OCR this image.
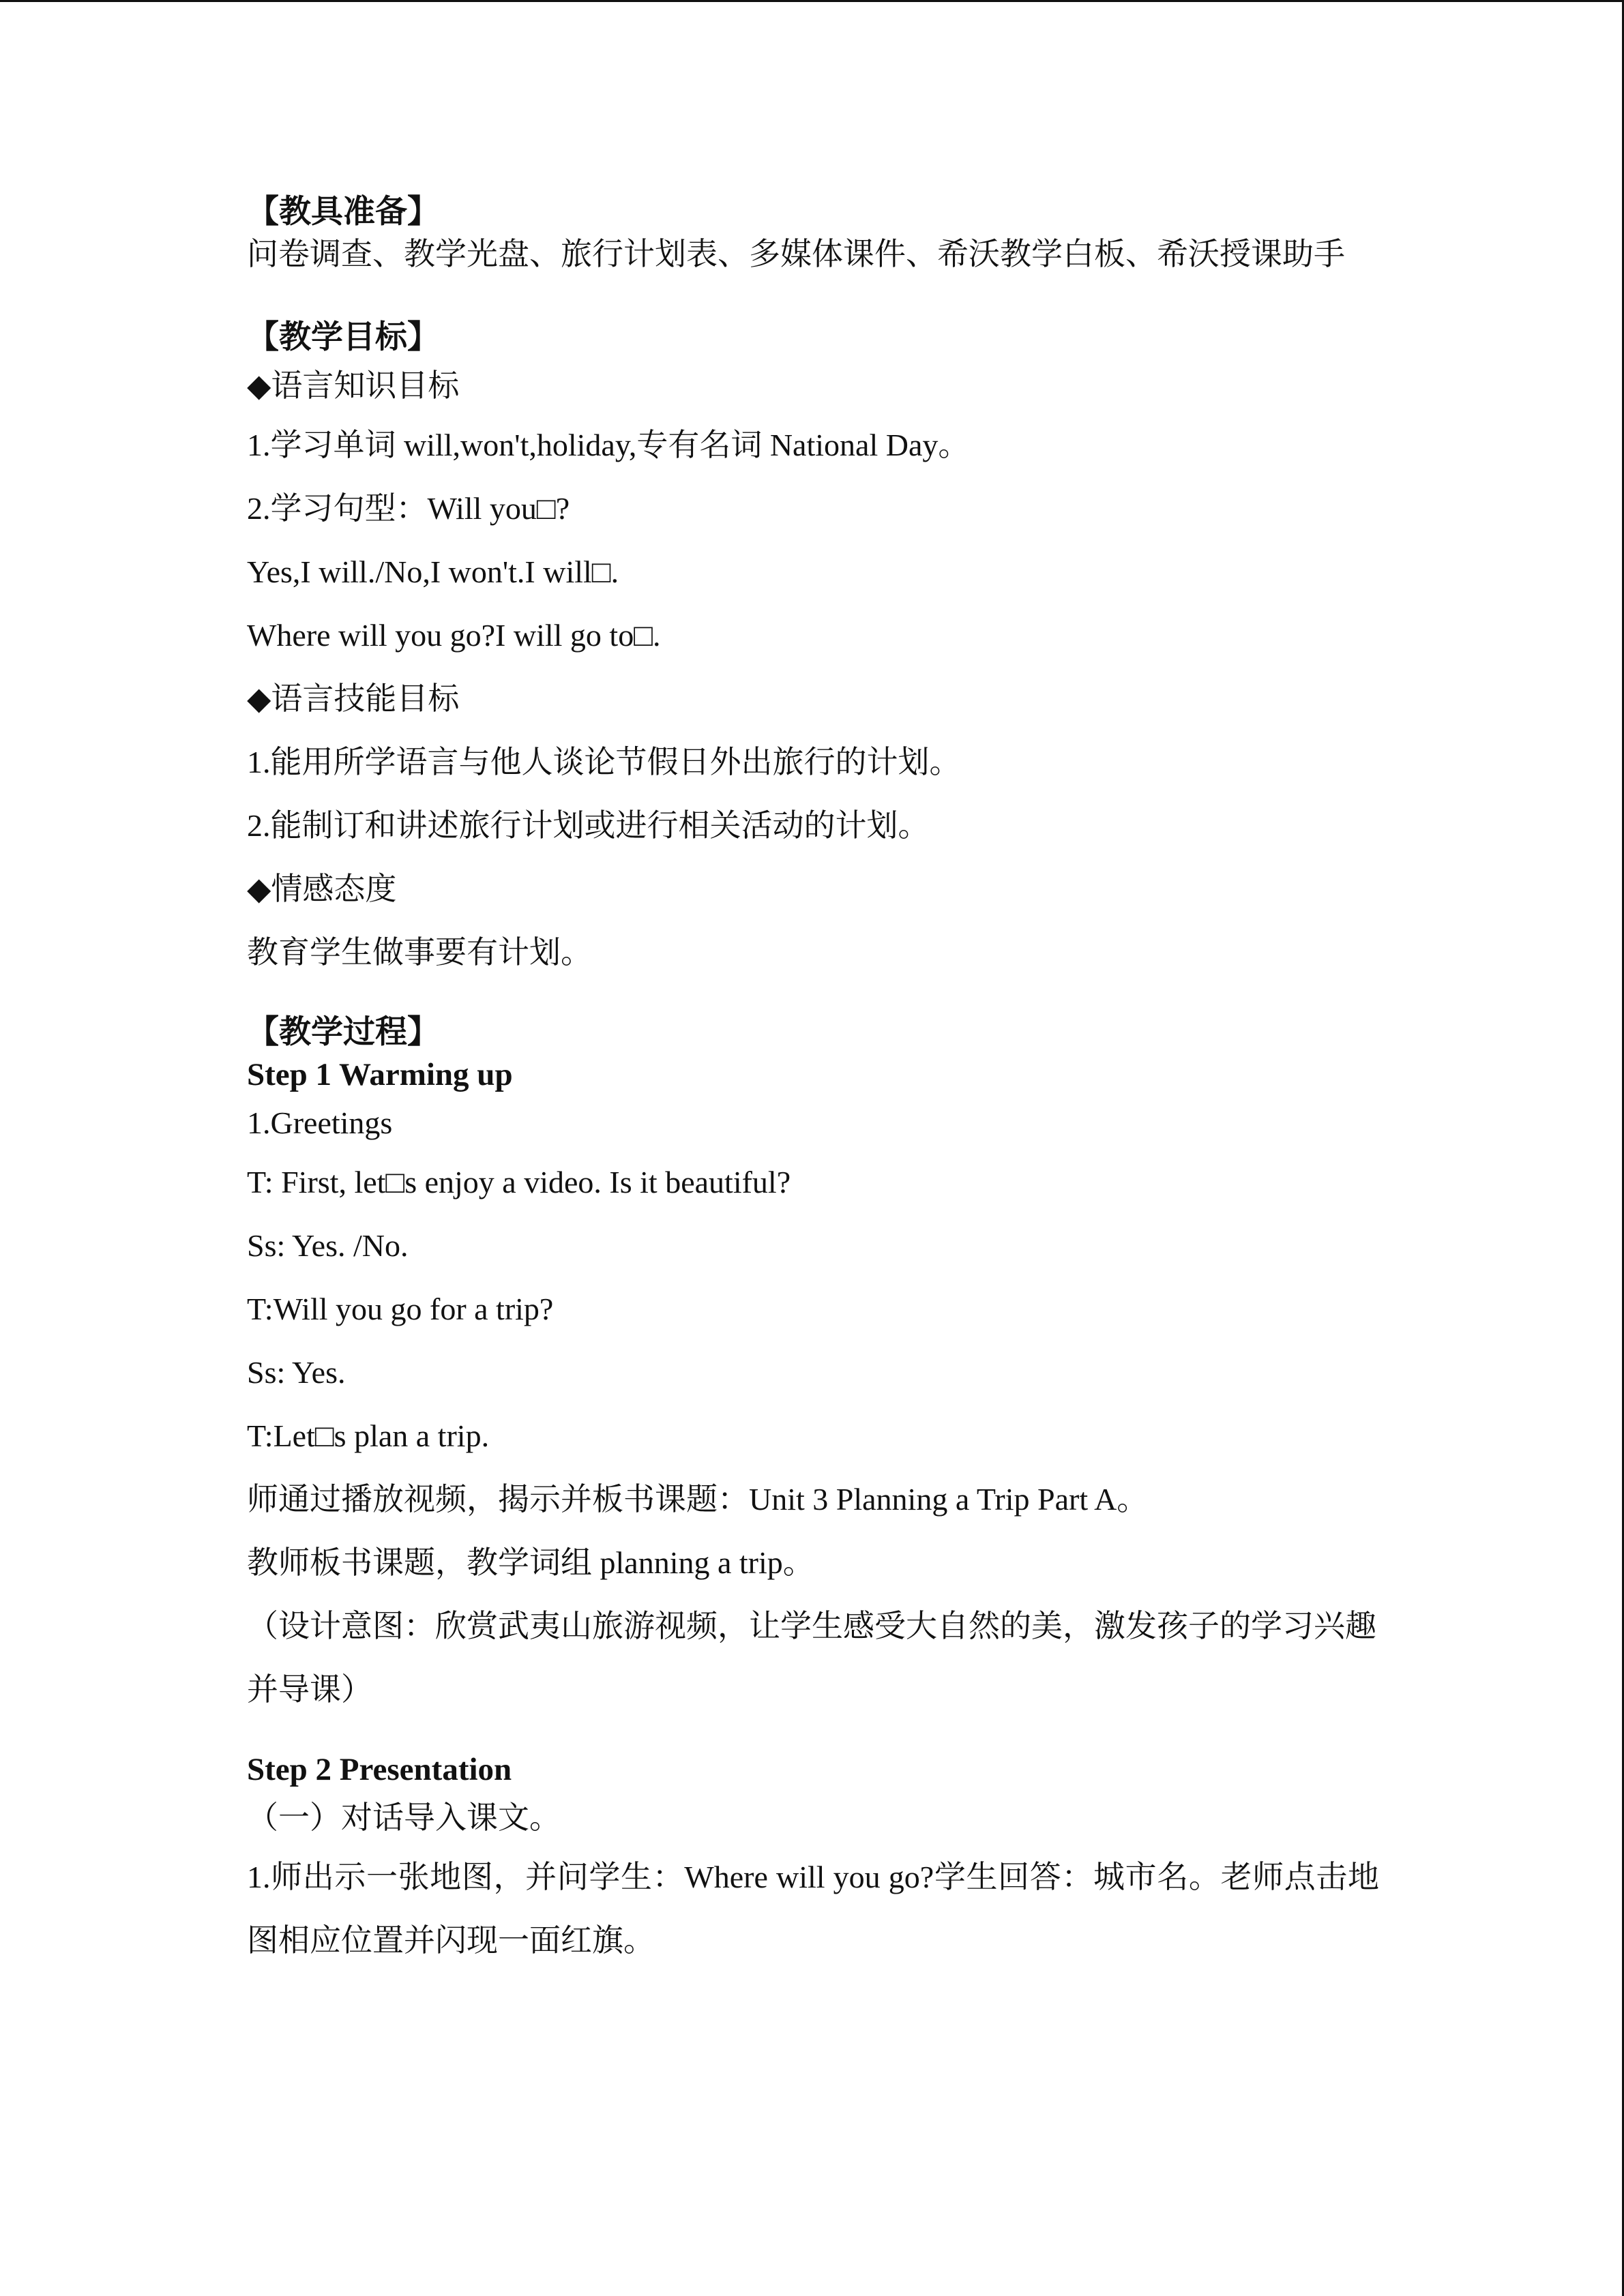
【教具准备】
问卷调查、教学光盘、旅行计划表、多媒体课件、希沃教学白板、希沃授课助手
【教学目标】
◆语言知识目标
1.学习单词 will,won't,holiday,专有名词 National Day。
2.学习句型：Will you□?
Yes,I will./No,I won't.I will□.
Where will you go?I will go to□.
◆语言技能目标
1.能用所学语言与他人谈论节假日外出旅行的计划。
2.能制订和讲述旅行计划或进行相关活动的计划。
◆情感态度
教育学生做事要有计划。
【教学过程】
Step 1 Warming up
1.Greetings
T: First, let□s enjoy a video. Is it beautiful?
Ss: Yes. /No.
T:Will you go for a trip?
Ss: Yes.
T:Let□s plan a trip.
师通过播放视频，揭示并板书课题：Unit 3 Planning a Trip Part A。
教师板书课题，教学词组 planning a trip。
（设计意图：欣赏武夷山旅游视频，让学生感受大自然的美，激发孩子的学习兴趣并导课）
Step 2 Presentation
（一）对话导入课文。
1.师出示一张地图，并问学生：Where will you go?学生回答：城市名。老师点击地图相应位置并闪现一面红旗。
